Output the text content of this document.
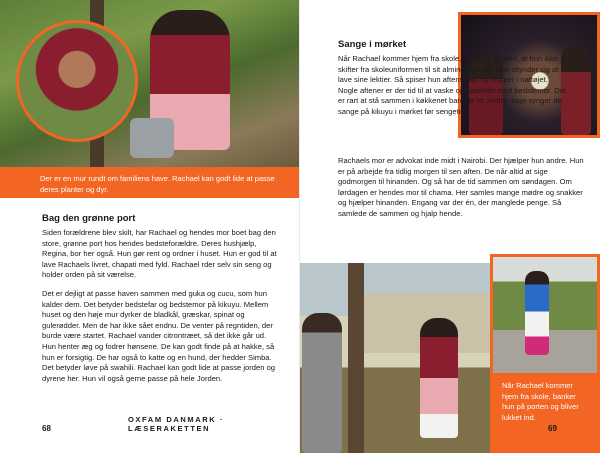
Der er en mur rundt om familiens have. Rachael kan godt lide at passe deres planter og dyr.
Bag den grønne port

Siden forældrene blev skilt, har Rachael og hendes mor boet bag den store, grønne port hos hendes bedsteforældre. Deres hushjælp, Regina, bor her også. Hun gør rent og ordner i huset. Hun er god til at lave Rachaels livret, chapati med fyld. Rachael rder selv sin seng og holder orden på sit værelse.

Det er dejligt at passe haven sammen med guka og cucu, som hun kalder dem. Det betyder bedstefar og bedstemor på kikuyu. Mellem huset og den høje mur dyrker de bladkål, græskar, spinat og gulerødder. Men de har ikke sået endnu. De venter på regntiden, der burde være startet. Rachael vander citrontræet, så det ikke går ud. Hun henter æg og fodrer hønsene. De kan godt finde på at hakke, så hun er forsigtig. De har også to katte og en hund, der hedder Simba. Det betyder løve på swahili. Rachael kan godt lide at passe jorden og dyrene her. Hun vil også gerne passe på hele Jorden.

68
OXFAM DANMARK · LÆSERAKETTEN
Sange i mørket
Når Rachael kommer hjem fra skole, er det til så sent, at hun ikke skifter fra skoleuniformen til sit almindelige tøj. Hun skynder sig at lave sine lektier. Så spiser hun aftensmad og hopper i nattøjet. Nogle aftener er der tid til at vaske op sammen med bedstemor. Det er rart at stå sammen i køkkenet bare de to. Andre dage synger de sange på kikuyu i mørket før sengetid.
Rachaels mor er advokat inde midt i Nairobi. Der hjælper hun andre. Hun er på arbejde fra tidlig morgen til sen aften. De når altid at sige godmorgen til hinanden. Og så har de tid sammen om søndagen. Om lørdagen er hendes mor til chama. Her samles mange mødre og snakker og hjælper hinanden. Engang var der én, der manglede penge. Så samlede de sammen og hjalp hende.
Når Rachael kommer hjem fra skole, banker hun på porten og bliver lukket ind.
69
